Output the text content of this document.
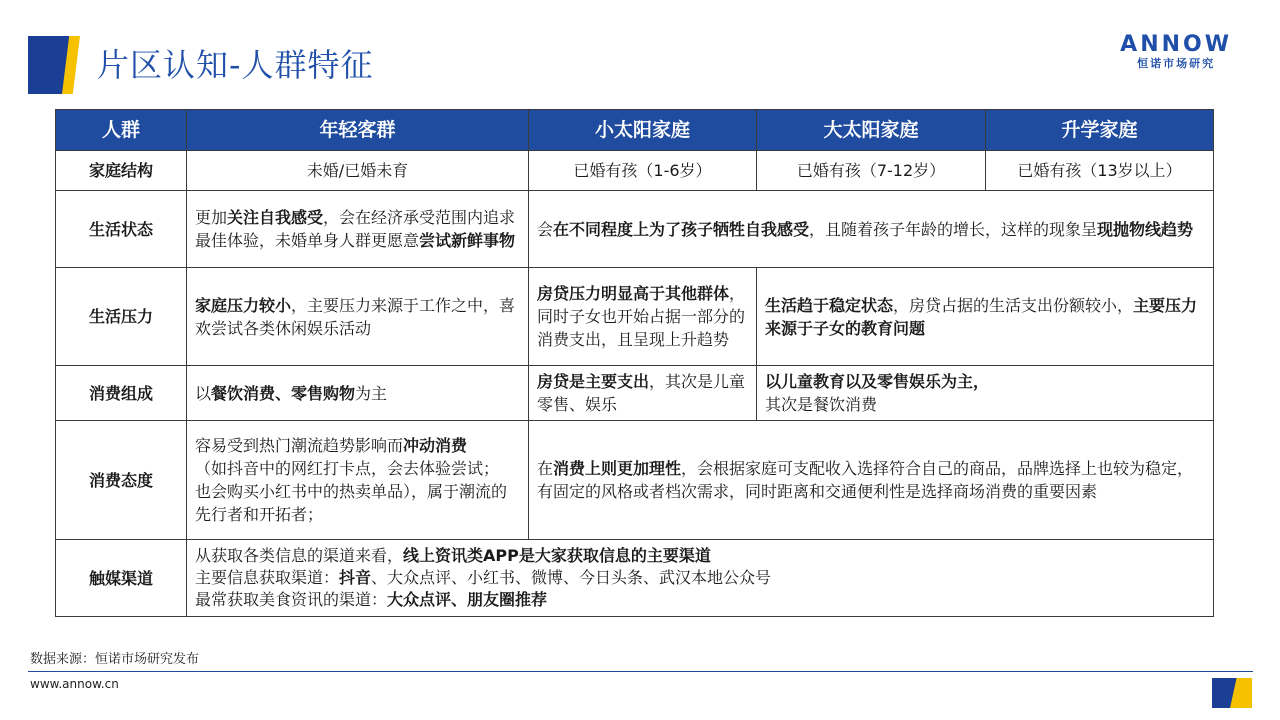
片区认知-人群特征
ANNOW
恒诺市场研究
人群	年轻客群	小太阳家庭	大太阳家庭	升学家庭
家庭结构	未婚/已婚未育	已婚有孩（1-6岁）	已婚有孩（7-12岁）	已婚有孩（13岁以上）
生活状态	更加关注自我感受，会在经济承受范围内追求最佳体验，未婚单身人群更愿意尝试新鲜事物	会在不同程度上为了孩子牺牲自我感受，且随着孩子年龄的增长，这样的现象呈现抛物线趋势		
生活压力	家庭压力较小，主要压力来源于工作之中，喜欢尝试各类休闲娱乐活动	房贷压力明显高于其他群体，同时子女也开始占据一部分的消费支出，且呈现上升趋势	生活趋于稳定状态，房贷占据的生活支出份额较小，主要压力来源于子女的教育问题	
消费组成	以餐饮消费、零售购物为主	房贷是主要支出，其次是儿童零售、娱乐	以儿童教育以及零售娱乐为主，
其次是餐饮消费	
消费态度	容易受到热门潮流趋势影响而冲动消费
（如抖音中的网红打卡点，会去体验尝试；
也会购买小红书中的热卖单品），属于潮流的先行者和开拓者；	在消费上则更加理性，会根据家庭可支配收入选择符合自己的商品，品牌选择上也较为稳定，有固定的风格或者档次需求，同时距离和交通便利性是选择商场消费的重要因素		
触媒渠道	从获取各类信息的渠道来看，线上资讯类APP是大家获取信息的主要渠道
主要信息获取渠道：抖音、大众点评、小红书、微博、今日头条、武汉本地公众号
最常获取美食资讯的渠道：大众点评、朋友圈推荐			
数据来源：恒诺市场研究发布
www.annow.cn
